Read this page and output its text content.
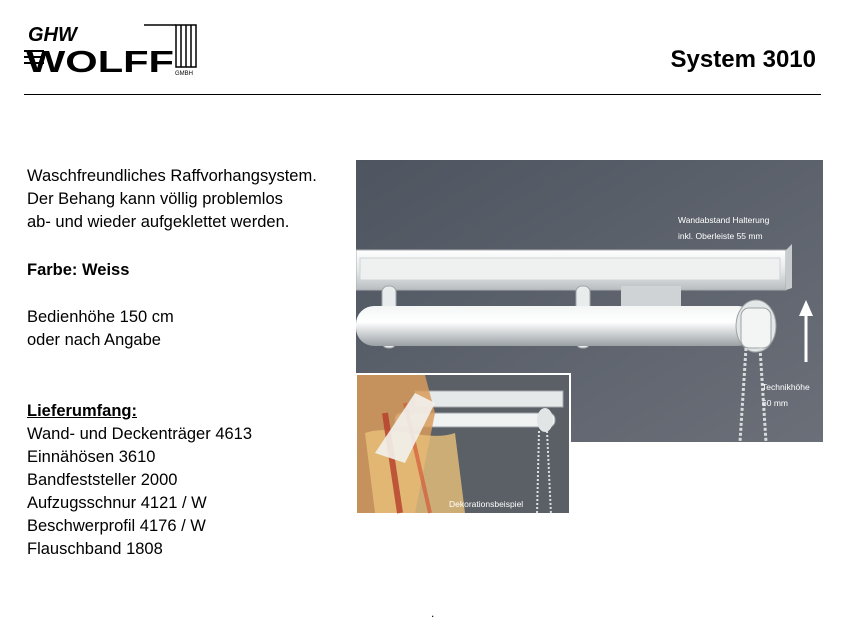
GHW
WOLFF GMBH
System 3010
Waschfreundliches Raffvorhangsystem.
Der Behang kann völlig problemlos
ab- und wieder aufgeklettet werden.
Farbe: Weiss
Bedienhöhe 150 cm
oder nach Angabe
Lieferumfang:
Wand- und Deckenträger 4613
Einnähösen 3610
Bandfeststeller 2000
Aufzugsschnur 4121 / W
Beschwerprofil 4176 / W
Flauschband 1808
Wandabstand Halterung
inkl. Oberleiste 55 mm
Technikhöhe
60 mm
Dekorationsbeispiel
.
